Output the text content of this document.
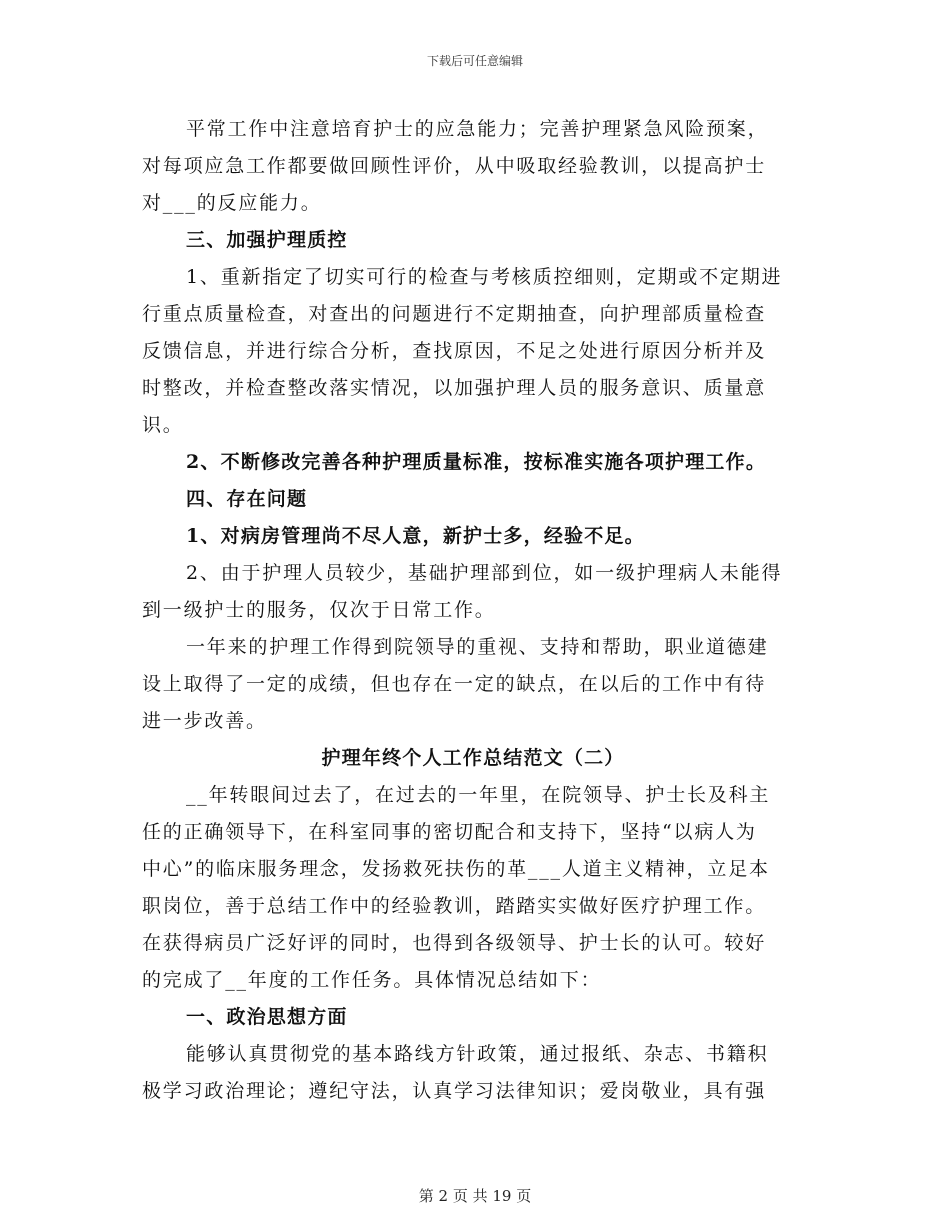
下载后可任意编辑
平常工作中注意培育护士的应急能力；完善护理紧急风险预案，
对每项应急工作都要做回顾性评价，从中吸取经验教训，以提高护士
对___的反应能力。
三、加强护理质控
1、重新指定了切实可行的检查与考核质控细则，定期或不定期进
行重点质量检查，对查出的问题进行不定期抽查，向护理部质量检查
反馈信息，并进行综合分析，查找原因，不足之处进行原因分析并及
时整改，并检查整改落实情况，以加强护理人员的服务意识、质量意
识。
2、不断修改完善各种护理质量标准，按标准实施各项护理工作。
四、存在问题
1、对病房管理尚不尽人意，新护士多，经验不足。
2、由于护理人员较少，基础护理部到位，如一级护理病人未能得
到一级护士的服务，仅次于日常工作。
一年来的护理工作得到院领导的重视、支持和帮助，职业道德建
设上取得了一定的成绩，但也存在一定的缺点，在以后的工作中有待
进一步改善。
护理年终个人工作总结范文（二）
__年转眼间过去了，在过去的一年里，在院领导、护士长及科主
任的正确领导下，在科室同事的密切配合和支持下，坚持“以病人为
中心”的临床服务理念，发扬救死扶伤的革___人道主义精神，立足本
职岗位，善于总结工作中的经验教训，踏踏实实做好医疗护理工作。
在获得病员广泛好评的同时，也得到各级领导、护士长的认可。较好
的完成了__年度的工作任务。具体情况总结如下：
一、政治思想方面
能够认真贯彻党的基本路线方针政策，通过报纸、杂志、书籍积
极学习政治理论；遵纪守法，认真学习法律知识；爱岗敬业，具有强
第 2 页 共 19 页
